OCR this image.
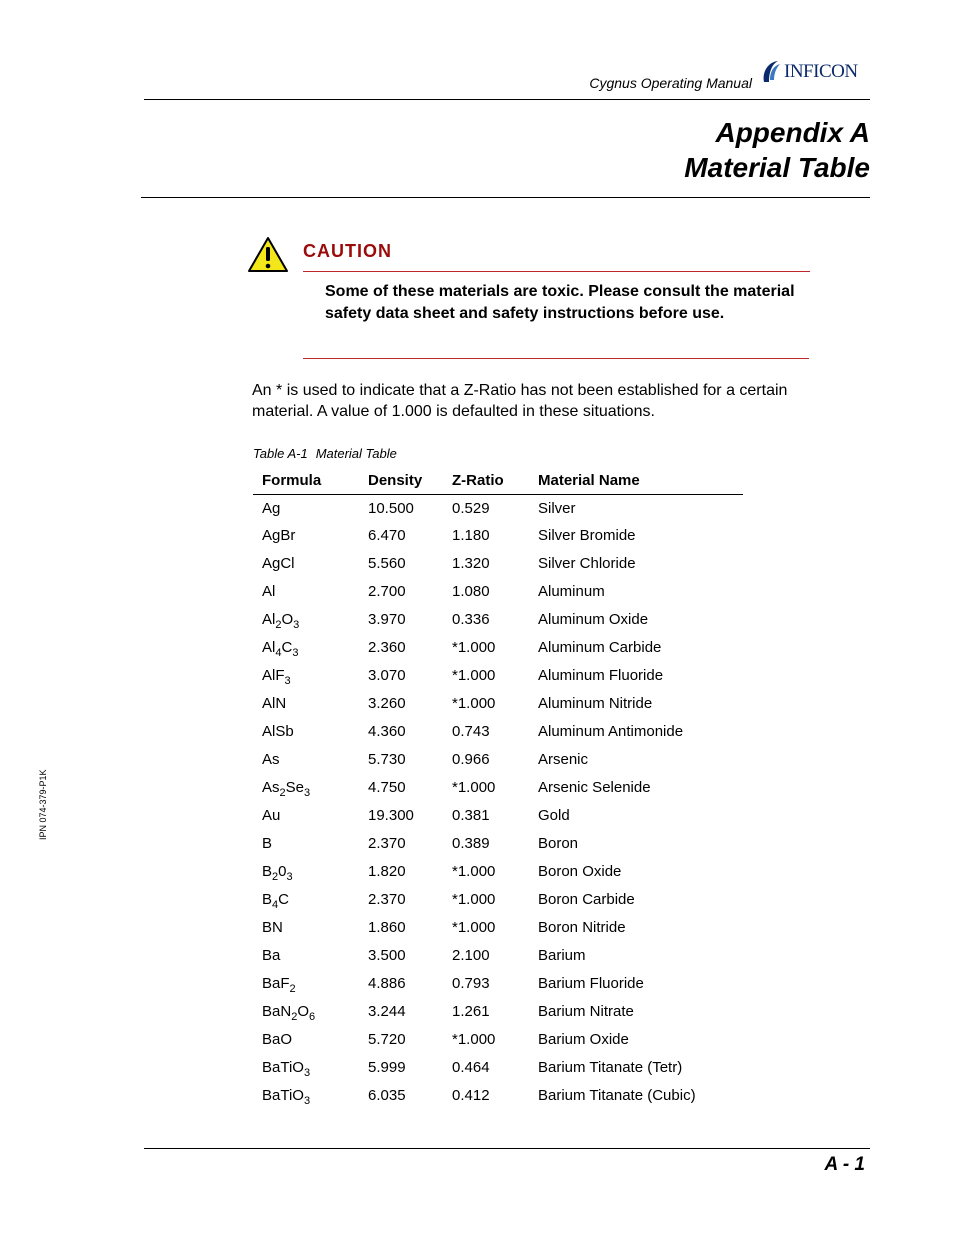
Cygnus Operating Manual
INFICON
Appendix A
Material Table
CAUTION
Some of these materials are toxic. Please consult the material safety data sheet and safety instructions before use.
An * is used to indicate that a Z-Ratio has not been established for a certain material. A value of 1.000 is defaulted in these situations.
Table A-1 Material Table
Formula	Density	Z-Ratio	Material Name
Ag	10.500	0.529	Silver
AgBr	6.470	1.180	Silver Bromide
AgCl	5.560	1.320	Silver Chloride
Al	2.700	1.080	Aluminum
$Al_2O_3$	3.970	0.336	Aluminum Oxide
$Al_4C_3$	2.360	*1.000	Aluminum Carbide
AlF$_3$	3.070	*1.000	Aluminum Fluoride
AlN	3.260	*1.000	Aluminum Nitride
AlSb	4.360	0.743	Aluminum Antimonide
As	5.730	0.966	Arsenic
$As_2Se_3$	4.750	*1.000	Arsenic Selenide
Au	19.300	0.381	Gold
B	2.370	0.389	Boron
$B_20_3$	1.820	*1.000	Boron Oxide
$B_4C$	2.370	*1.000	Boron Carbide
BN	1.860	*1.000	Boron Nitride
Ba	3.500	2.100	Barium
BaF$_2$	4.886	0.793	Barium Fluoride
$BaN_2O_6$	3.244	1.261	Barium Nitrate
BaO	5.720	*1.000	Barium Oxide
BaTiO$_3$	5.999	0.464	Barium Titanate (Tetr)
BaTiO$_3$	6.035	0.412	Barium Titanate (Cubic)
IPN 074-379-P1K
A - 1
